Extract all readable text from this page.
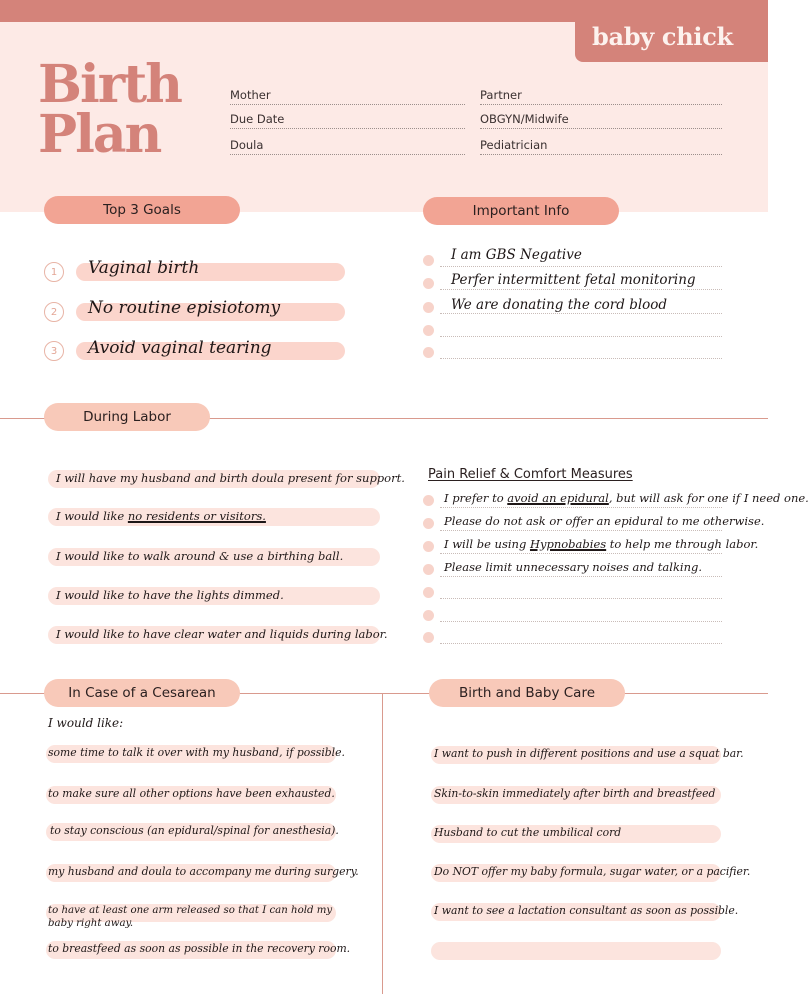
baby chick
Birth
Plan
Mother	Partner
Due Date	OBGYN/Midwife
Doula	Pediatrician
Top 3 Goals
1	Vaginal birth
2	No routine episiotomy
3	Avoid vaginal tearing
Important Info
I am GBS Negative
Perfer intermittent fetal monitoring
We are donating the cord blood
During Labor
I will have my husband and birth doula present for support.
I would like no residents or visitors.
I would like to walk around & use a birthing ball.
I would like to have the lights dimmed.
I would like to have clear water and liquids during labor.
Pain Relief & Comfort Measures
I prefer to avoid an epidural, but will ask for one if I need one.
Please do not ask or offer an epidural to me otherwise.
I will be using Hypnobabies to help me through labor.
Please limit unnecessary noises and talking.
In Case of a Cesarean	Birth and Baby Care
I would like:
some time to talk it over with my husband, if possible.
to make sure all other options have been exhausted.
to stay conscious (an epidural/spinal for anesthesia).
my husband and doula to accompany me during surgery.
to have at least one arm released so that I can hold my baby right away.
to breastfeed as soon as possible in the recovery room.
I want to push in different positions and use a squat bar.
Skin-to-skin immediately after birth and breastfeed
Husband to cut the umbilical cord
Do NOT offer my baby formula, sugar water, or a pacifier.
I want to see a lactation consultant as soon as possible.
